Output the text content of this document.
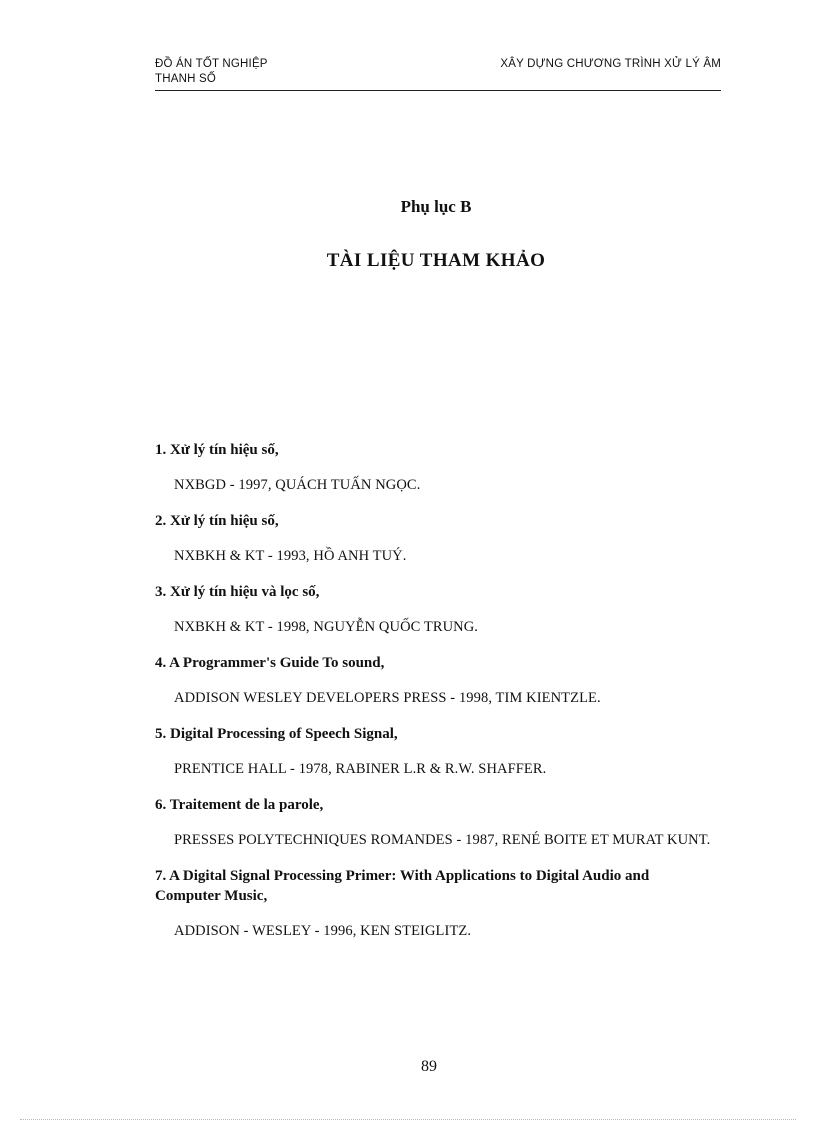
ĐỒ ÁN TỐT NGHIỆP
THANH SỐ
XÂY DỰNG CHƯƠNG TRÌNH XỬ LÝ ÂM
Phụ lục B
TÀI LIỆU THAM KHẢO
1. Xử lý tín hiệu số,
NXBGD - 1997, QUÁCH TUẤN NGỌC.
2. Xử lý tín hiệu số,
NXBKH & KT - 1993, HỒ ANH TUÝ.
3. Xử lý tín hiệu và lọc số,
NXBKH & KT - 1998, NGUYỄN QUỐC TRUNG.
4. A Programmer's Guide To sound,
ADDISON WESLEY DEVELOPERS PRESS - 1998, TIM KIENTZLE.
5. Digital Processing of Speech Signal,
PRENTICE HALL - 1978, RABINER L.R & R.W. SHAFFER.
6. Traitement de la parole,
PRESSES POLYTECHNIQUES ROMANDES - 1987, RENÉ BOITE ET MURAT KUNT.
7. A Digital Signal Processing Primer: With Applications to Digital Audio and Computer Music,
ADDISON - WESLEY - 1996, KEN STEIGLITZ.
89
